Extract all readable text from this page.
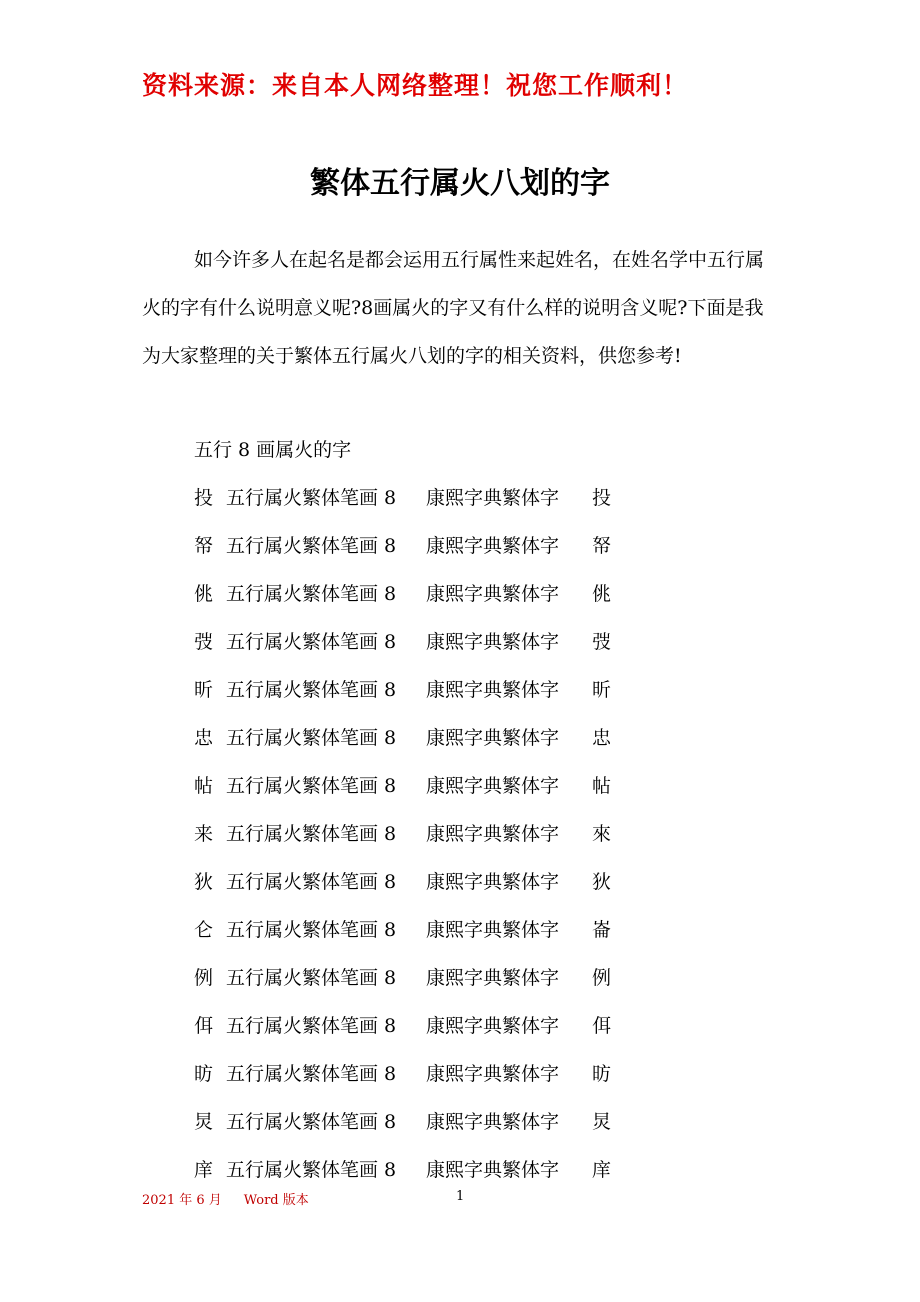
资料来源：来自本人网络整理！祝您工作顺利！
繁体五行属火八划的字

如今许多人在起名是都会运用五行属性来起姓名，在姓名学中五行属火的字有什么说明意义呢?8画属火的字又有什么样的说明含义呢?下面是我为大家整理的关于繁体五行属火八划的字的相关资料，供您参考!

五行 8 画属火的字
投 五行属火繁体笔画 8 康熙字典繁体字 投
帑 五行属火繁体笔画 8 康熙字典繁体字 帑
佻 五行属火繁体笔画 8 康熙字典繁体字 佻
弢 五行属火繁体笔画 8 康熙字典繁体字 弢
昕 五行属火繁体笔画 8 康熙字典繁体字 昕
忠 五行属火繁体笔画 8 康熙字典繁体字 忠
帖 五行属火繁体笔画 8 康熙字典繁体字 帖
来 五行属火繁体笔画 8 康熙字典繁体字 來
狄 五行属火繁体笔画 8 康熙字典繁体字 狄
仑 五行属火繁体笔画 8 康熙字典繁体字 崙
例 五行属火繁体笔画 8 康熙字典繁体字 例
佴 五行属火繁体笔画 8 康熙字典繁体字 佴
昉 五行属火繁体笔画 8 康熙字典繁体字 昉
炅 五行属火繁体笔画 8 康熙字典繁体字 炅
庠 五行属火繁体笔画 8 康熙字典繁体字 庠
2021 年 6 月 Word 版本	1
